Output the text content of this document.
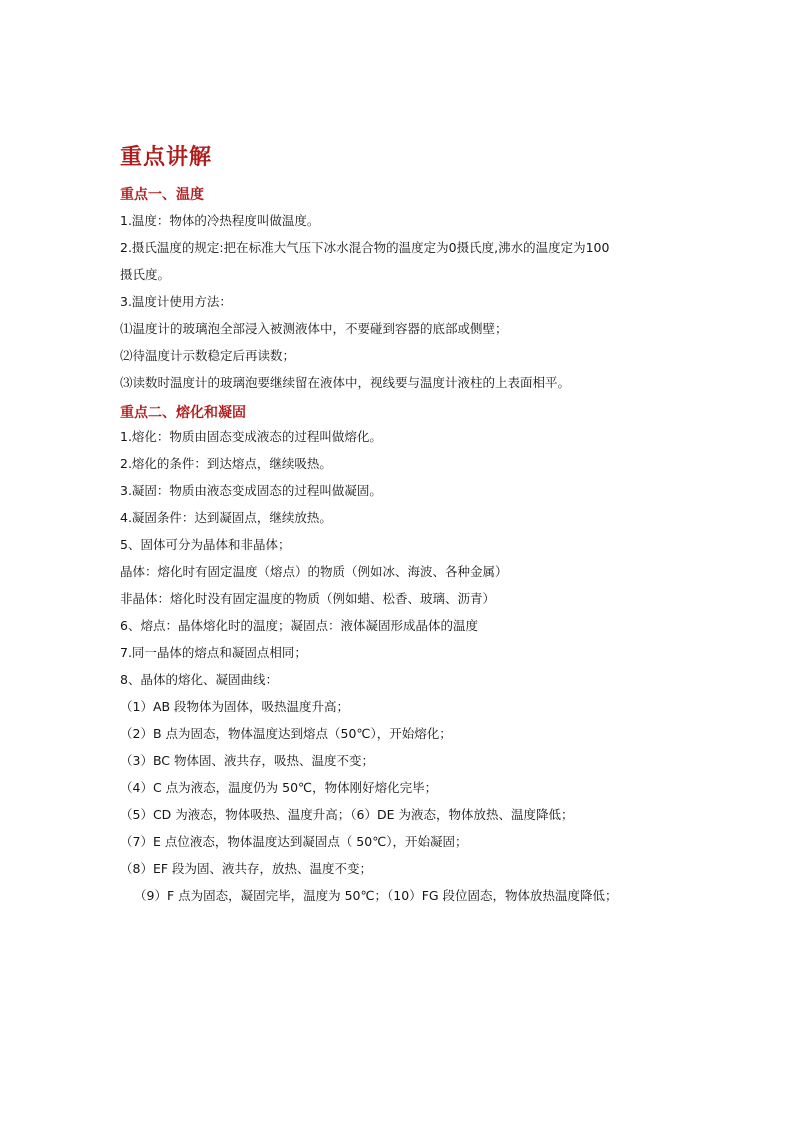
重点讲解
重点一、温度
1.温度：物体的冷热程度叫做温度。
2.摄氏温度的规定:把在标准大气压下冰水混合物的温度定为0摄氏度,沸水的温度定为100
摄氏度。
3.温度计使用方法：
⑴温度计的玻璃泡全部浸入被测液体中，不要碰到容器的底部或侧壁；
⑵待温度计示数稳定后再读数；
⑶读数时温度计的玻璃泡要继续留在液体中，视线要与温度计液柱的上表面相平。
重点二、熔化和凝固
1.熔化：物质由固态变成液态的过程叫做熔化。
2.熔化的条件：到达熔点，继续吸热。
3.凝固：物质由液态变成固态的过程叫做凝固。
4.凝固条件：达到凝固点，继续放热。
5、固体可分为晶体和非晶体；
晶体：熔化时有固定温度（熔点）的物质（例如冰、海波、各种金属）
非晶体：熔化时没有固定温度的物质（例如蜡、松香、玻璃、沥青）
6、熔点：晶体熔化时的温度；凝固点：液体凝固形成晶体的温度
7.同一晶体的熔点和凝固点相同；
8、晶体的熔化、凝固曲线：
（1）AB 段物体为固体，吸热温度升高；
（2）B 点为固态，物体温度达到熔点（50℃），开始熔化；
（3）BC 物体固、液共存，吸热、温度不变；
（4）C 点为液态，温度仍为 50℃，物体刚好熔化完毕；
（5）CD 为液态，物体吸热、温度升高；（6）DE 为液态，物体放热、温度降低；
（7）E 点位液态，物体温度达到凝固点（ 50℃），开始凝固；
（8）EF 段为固、液共存，放热、温度不变；
（9）F 点为固态，凝固完毕，温度为 50℃；（10）FG 段位固态，物体放热温度降低；
